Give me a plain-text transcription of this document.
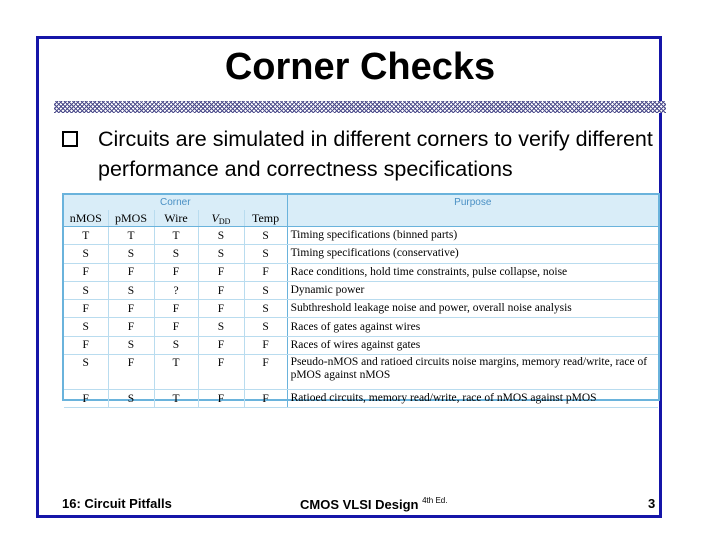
Corner Checks
Circuits are simulated in different corners to verify different performance and correctness specifications
Corner					Purpose
nMOS	pMOS	Wire	$V_{DD}$	Temp	
T	T	T	S	S	Timing specifications (binned parts)
S	S	S	S	S	Timing specifications (conservative)
F	F	F	F	F	Race conditions, hold time constraints, pulse collapse, noise
S	S	?	F	S	Dynamic power
F	F	F	F	S	Subthreshold leakage noise and power, overall noise analysis
S	F	F	S	S	Races of gates against wires
F	S	S	F	F	Races of wires against gates
S	F	T	F	F	Pseudo-nMOS and ratioed circuits noise margins, memory read/write, race of pMOS against nMOS
F	S	T	F	F	Ratioed circuits, memory read/write, race of nMOS against pMOS
16: Circuit Pitfalls	CMOS VLSI Design $^{4th Ed.}$	3
